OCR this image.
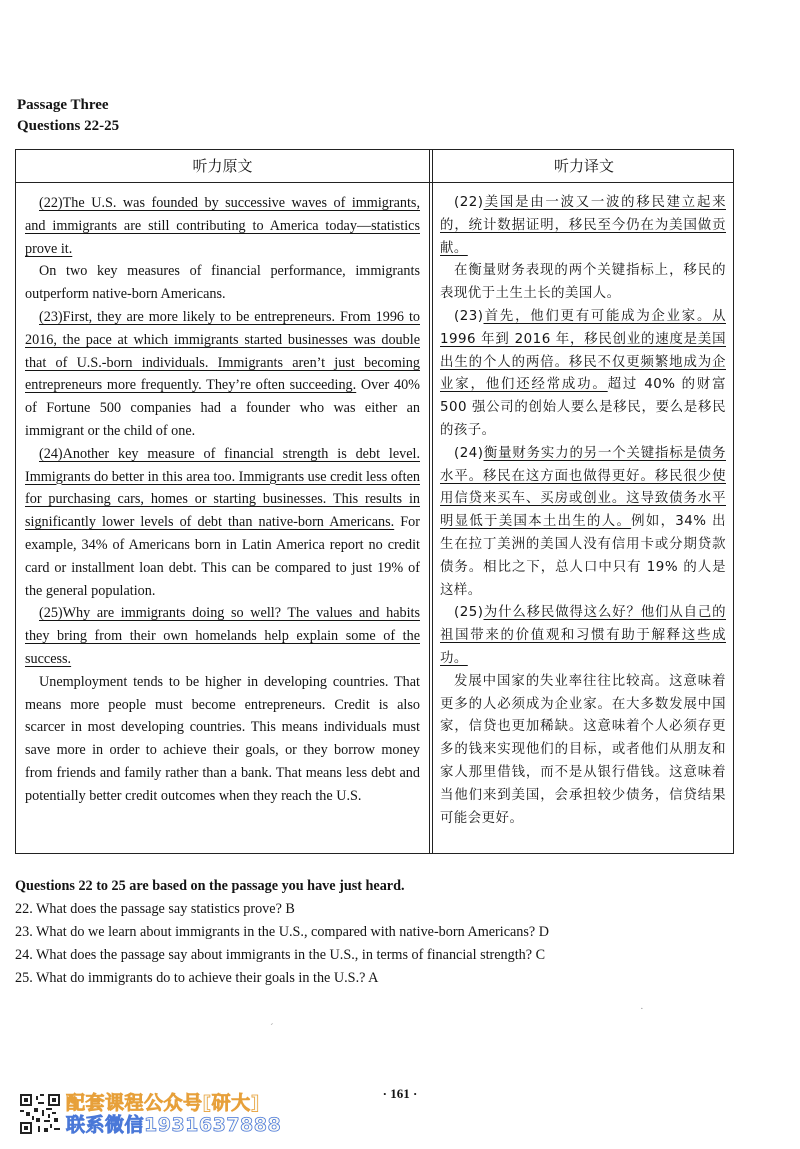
Passage Three
Questions 22-25
听力原文	听力译文

(22)The U.S. was founded by successive waves of immigrants, and immigrants are still contributing to America today—statistics prove it.

On two key measures of financial performance, immigrants outperform native-born Americans.

(23)First, they are more likely to be entrepreneurs. From 1996 to 2016, the pace at which immigrants started businesses was double that of U.S.-born individuals. Immigrants aren’t just becoming entrepreneurs more frequently. They’re often succeeding. Over 40% of Fortune 500 companies had a founder who was either an immigrant or the child of one.

(24)Another key measure of financial strength is debt level. Immigrants do better in this area too. Immigrants use credit less often for purchasing cars, homes or starting businesses. This results in significantly lower levels of debt than native-born Americans. For example, 34% of Americans born in Latin America report no credit card or installment loan debt. This can be compared to just 19% of the general population.

(25)Why are immigrants doing so well? The values and habits they bring from their own homelands help explain some of the success.

Unemployment tends to be higher in developing countries. That means more people must become entrepreneurs. Credit is also scarcer in most developing countries. This means individuals must save more in order to achieve their goals, or they borrow money from friends and family rather than a bank. That means less debt and potentially better credit outcomes when they reach the U.S.

(22)美国是由一波又一波的移民建立起来的，统计数据证明，移民至今仍在为美国做贡献。

在衡量财务表现的两个关键指标上，移民的表现优于土生土长的美国人。

(23)首先，他们更有可能成为企业家。从 1996 年到 2016 年，移民创业的速度是美国出生的个人的两倍。移民不仅更频繁地成为企业家，他们还经常成功。超过 40% 的财富 500 强公司的创始人要么是移民，要么是移民的孩子。

(24)衡量财务实力的另一个关键指标是债务水平。移民在这方面也做得更好。移民很少使用信贷来买车、买房或创业。这导致债务水平明显低于美国本土出生的人。例如，34% 出生在拉丁美洲的美国人没有信用卡或分期贷款债务。相比之下，总人口中只有 19% 的人是这样。

(25)为什么移民做得这么好？他们从自己的祖国带来的价值观和习惯有助于解释这些成功。

发展中国家的失业率往往比较高。这意味着更多的人必须成为企业家。在大多数发展中国家，信贷也更加稀缺。这意味着个人必须存更多的钱来实现他们的目标，或者他们从朋友和家人那里借钱，而不是从银行借钱。这意味着当他们来到美国，会承担较少债务，信贷结果可能会更好。

Questions 22 to 25 are based on the passage you have just heard.
22. What does the passage say statistics prove? B
23. What do we learn about immigrants in the U.S., compared with native-born Americans? D
24. What does the passage say about immigrants in the U.S., in terms of financial strength? C
25. What do immigrants do to achieve their goals in the U.S.? A
· 161 ·
配套课程公众号[研大]
联系微信1931637888
ˊ
·
